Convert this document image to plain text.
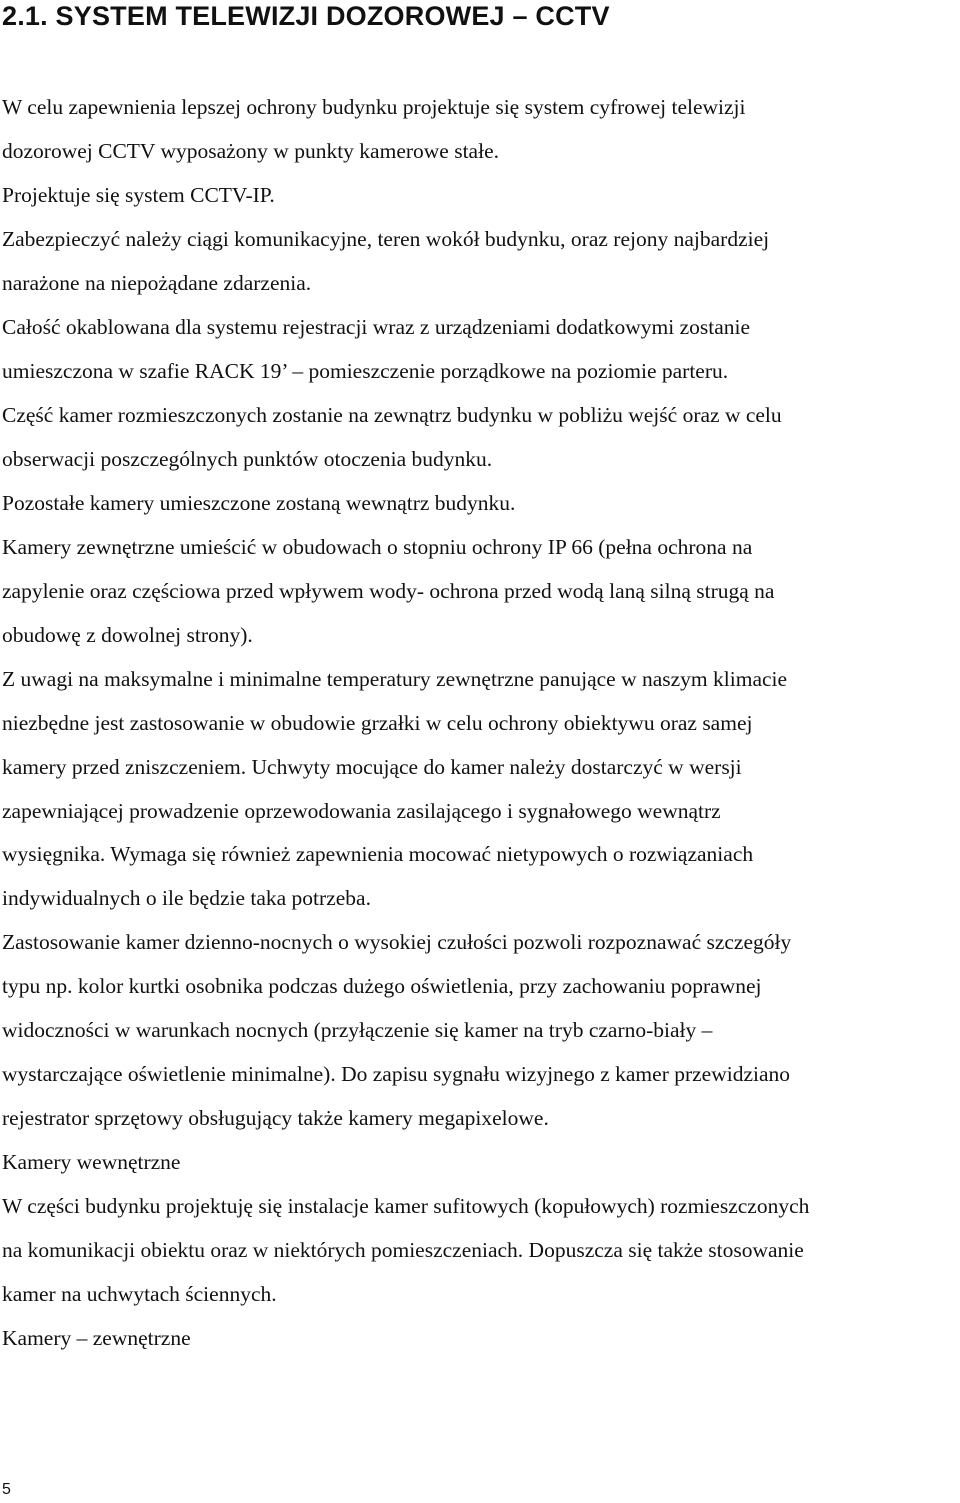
2.1. SYSTEM TELEWIZJI DOZOROWEJ – CCTV
W celu zapewnienia lepszej ochrony budynku projektuje się system cyfrowej telewizji
dozorowej CCTV wyposażony w punkty kamerowe stałe.
Projektuje się system CCTV-IP.
Zabezpieczyć należy ciągi komunikacyjne, teren wokół budynku, oraz rejony najbardziej
narażone na niepożądane zdarzenia.
Całość okablowana dla systemu rejestracji wraz z urządzeniami dodatkowymi zostanie
umieszczona w szafie RACK 19’ – pomieszczenie porządkowe na poziomie parteru.
Część kamer rozmieszczonych zostanie na zewnątrz budynku w pobliżu wejść oraz w celu
obserwacji poszczególnych punktów otoczenia budynku.
Pozostałe kamery umieszczone zostaną wewnątrz budynku.
Kamery zewnętrzne umieścić w obudowach o stopniu ochrony IP 66 (pełna ochrona na
zapylenie oraz częściowa przed wpływem wody- ochrona przed wodą laną silną strugą na
obudowę z dowolnej strony).
Z uwagi na maksymalne i minimalne temperatury zewnętrzne panujące w naszym klimacie
niezbędne jest zastosowanie w obudowie grzałki w celu ochrony obiektywu oraz samej
kamery przed zniszczeniem. Uchwyty mocujące do kamer należy dostarczyć w wersji
zapewniającej prowadzenie oprzewodowania zasilającego i sygnałowego wewnątrz
wysięgnika. Wymaga się również zapewnienia mocować nietypowych o rozwiązaniach
indywidualnych o ile będzie taka potrzeba.
Zastosowanie kamer dzienno-nocnych o wysokiej czułości pozwoli rozpoznawać szczegóły
typu np. kolor kurtki osobnika podczas dużego oświetlenia, przy zachowaniu poprawnej
widoczności w warunkach nocnych (przyłączenie się kamer na tryb czarno-biały –
wystarczające oświetlenie minimalne). Do zapisu sygnału wizyjnego z kamer przewidziano
rejestrator sprzętowy obsługujący także kamery megapixelowe.
Kamery wewnętrzne
W części budynku projektuję się instalacje kamer sufitowych (kopułowych) rozmieszczonych
na komunikacji obiektu oraz w niektórych pomieszczeniach. Dopuszcza się także stosowanie
kamer na uchwytach ściennych.
Kamery – zewnętrzne
5
